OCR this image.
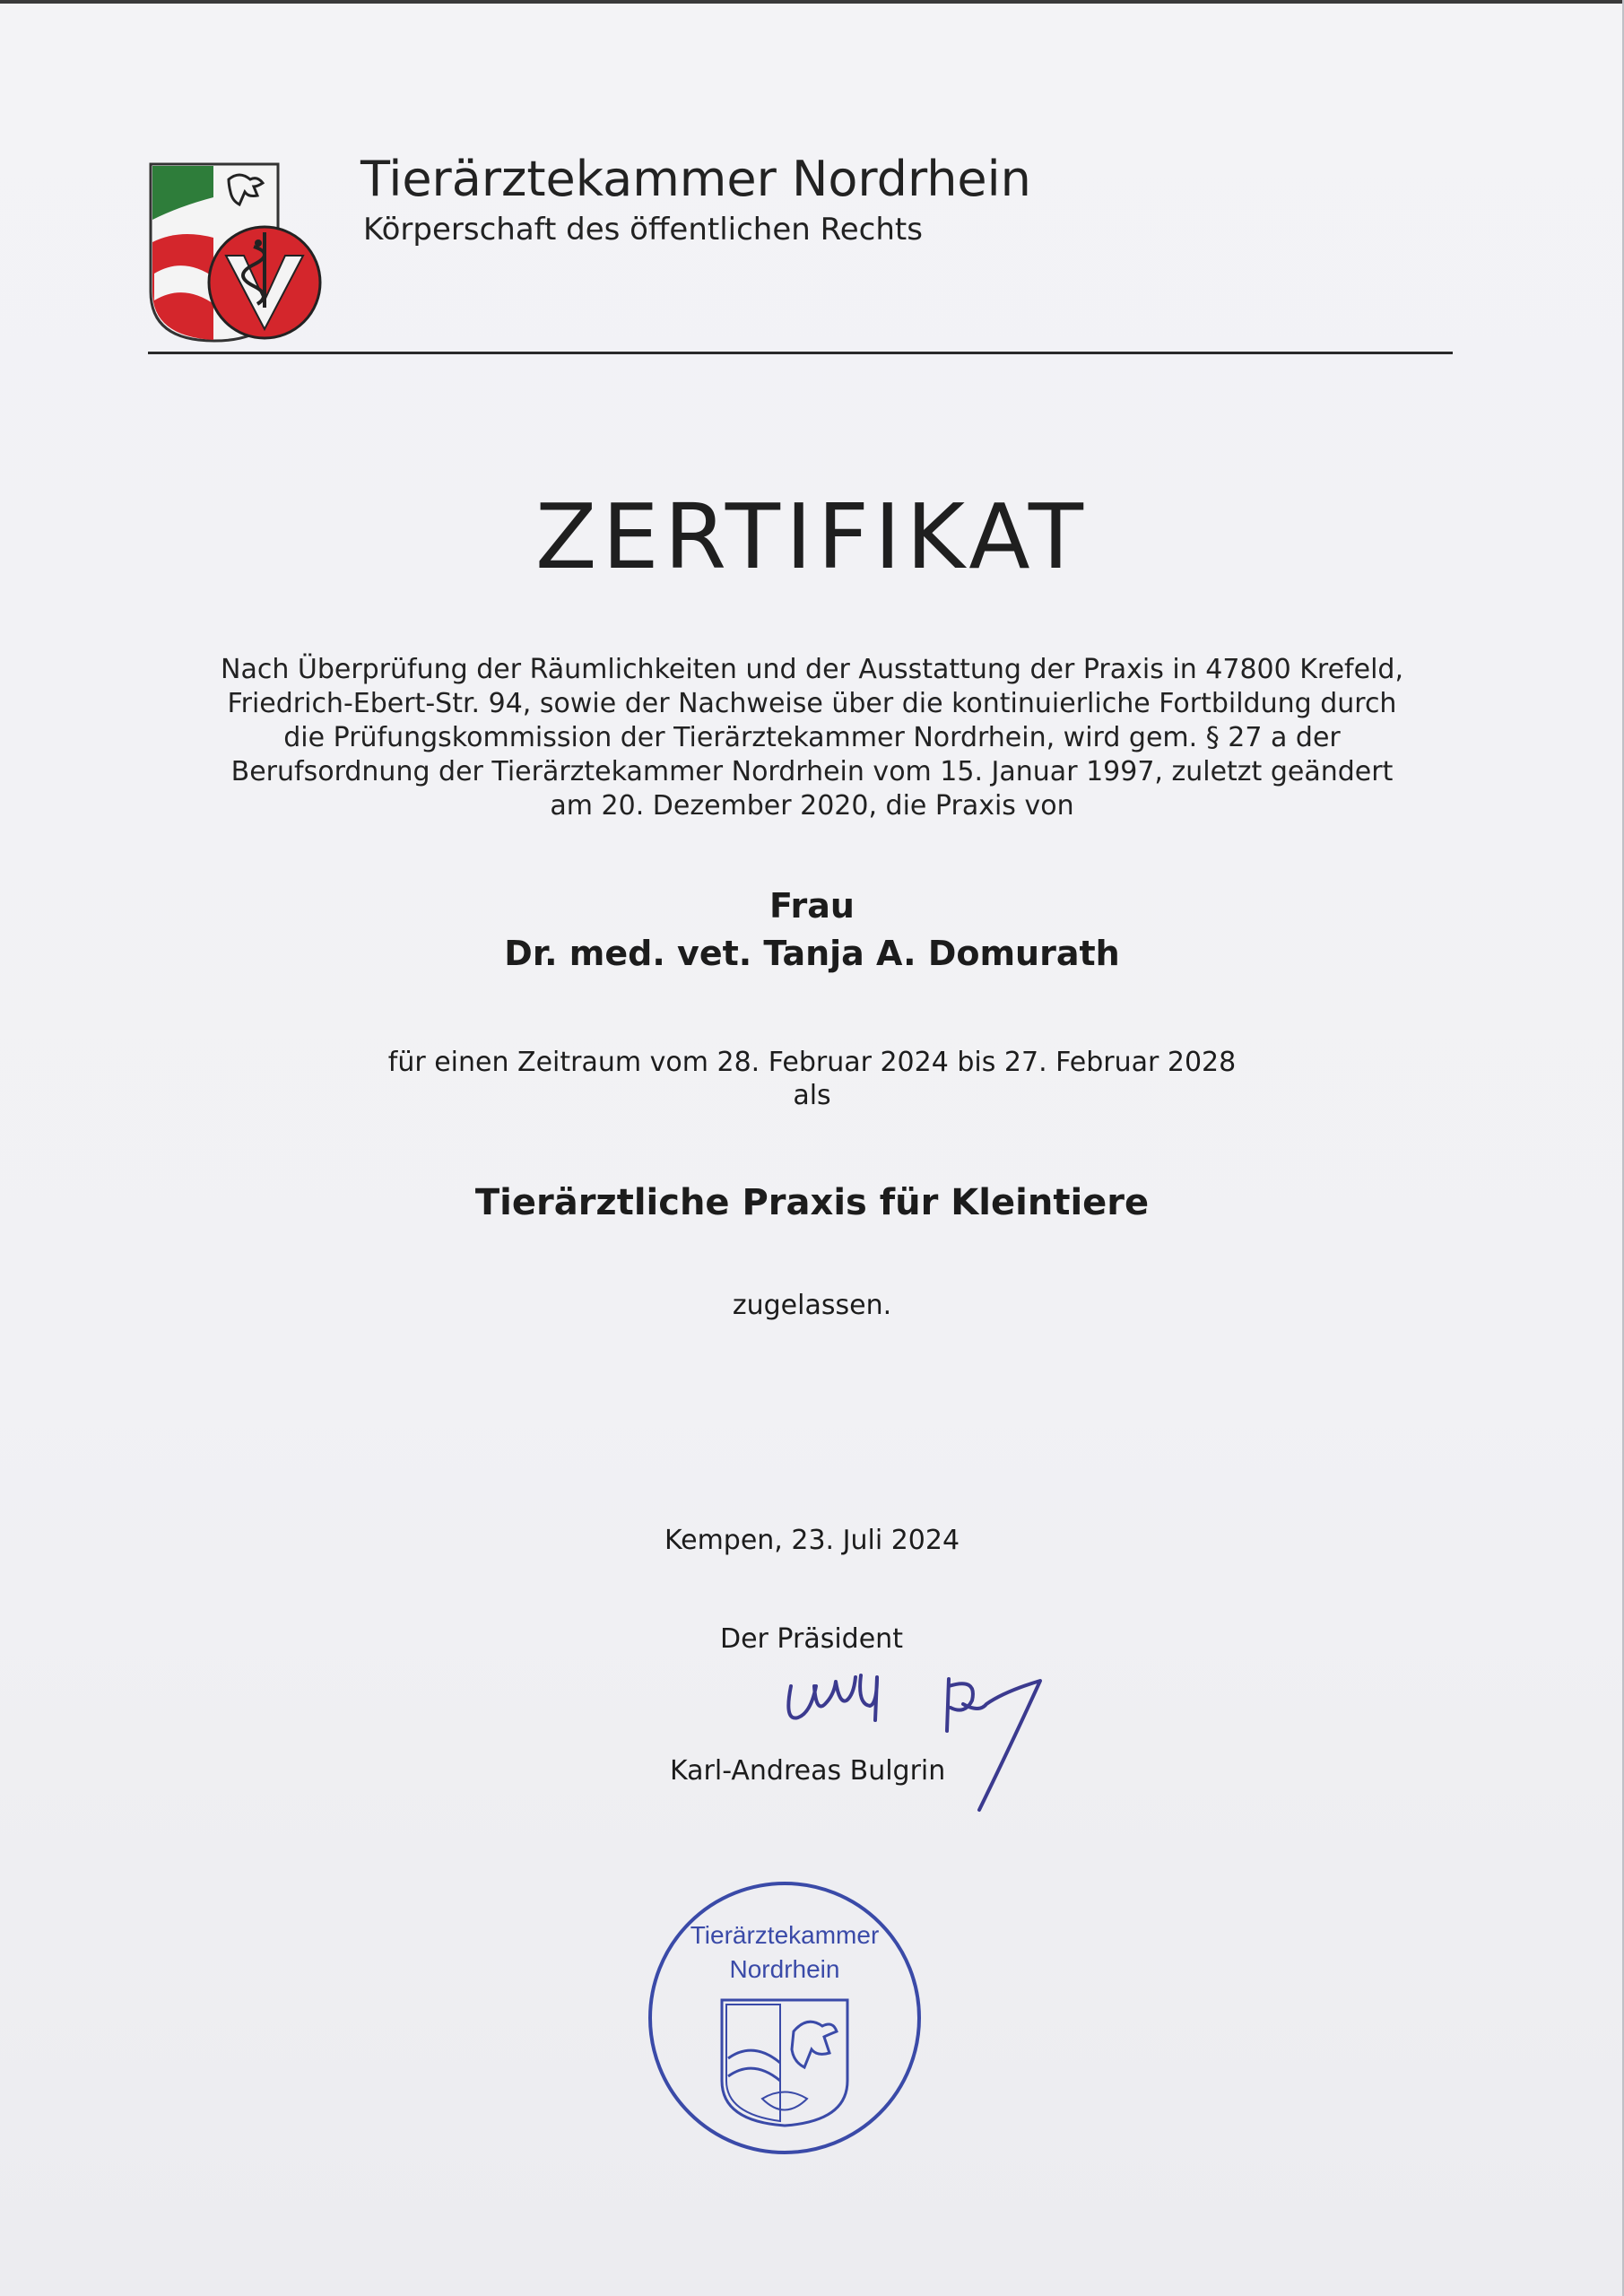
Tierärztekammer Nordrhein
Körperschaft des öffentlichen Rechts
ZERTIFIKAT
Nach Überprüfung der Räumlichkeiten und der Ausstattung der Praxis in 47800 Krefeld,
Friedrich-Ebert-Str. 94, sowie der Nachweise über die kontinuierliche Fortbildung durch
die Prüfungskommission der Tierärztekammer Nordrhein, wird gem. § 27 a der
Berufsordnung der Tierärztekammer Nordrhein vom 15. Januar 1997, zuletzt geändert
am 20. Dezember 2020, die Praxis von
Frau
Dr. med. vet. Tanja A. Domurath
für einen Zeitraum vom 28. Februar 2024 bis 27. Februar 2028
als
Tierärztliche Praxis für Kleintiere
zugelassen.
Kempen, 23. Juli 2024
Der Präsident
Karl-Andreas Bulgrin
Tierärztekammer
Nordrhein
